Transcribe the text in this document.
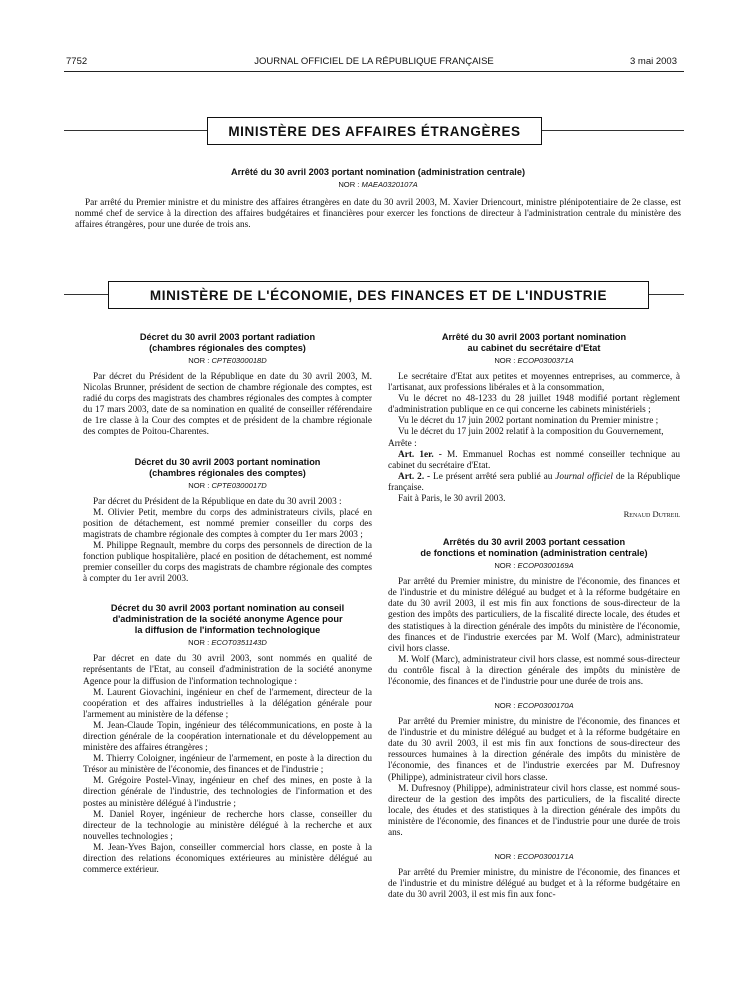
7752	JOURNAL OFFICIEL DE LA RÉPUBLIQUE FRANÇAISE	3 mai 2003
MINISTÈRE DES AFFAIRES ÉTRANGÈRES

Arrêté du 30 avril 2003 portant nomination (administration centrale)

NOR : MAEA0320107A

Par arrêté du Premier ministre et du ministre des affaires étrangères en date du 30 avril 2003, M. Xavier Driencourt, ministre plénipotentiaire de 2e classe, est nommé chef de service à la direction des affaires budgétaires et financières pour exercer les fonctions de directeur à l'administration centrale du ministère des affaires étrangères, pour une durée de trois ans.

MINISTÈRE DE L'ÉCONOMIE, DES FINANCES ET DE L'INDUSTRIE

Décret du 30 avril 2003 portant radiation

(chambres régionales des comptes)

NOR : CPTE0300018D

Par décret du Président de la République en date du 30 avril 2003, M. Nicolas Brunner, président de section de chambre régionale des comptes, est radié du corps des magistrats des chambres régionales des comptes à compter du 17 mars 2003, date de sa nomination en qualité de conseiller référendaire de 1re classe à la Cour des comptes et de président de la chambre régionale des comptes de Poitou-Charentes.

Décret du 30 avril 2003 portant nomination

(chambres régionales des comptes)

NOR : CPTE0300017D

Par décret du Président de la République en date du 30 avril 2003 :

M. Olivier Petit, membre du corps des administrateurs civils, placé en position de détachement, est nommé premier conseiller du corps des magistrats de chambre régionale des comptes à compter du 1er mars 2003 ;

M. Philippe Regnault, membre du corps des personnels de direction de la fonction publique hospitalière, placé en position de détachement, est nommé premier conseiller du corps des magistrats de chambre régionale des comptes à compter du 1er avril 2003.

Décret du 30 avril 2003 portant nomination au conseil

d'administration de la société anonyme Agence pour

la diffusion de l'information technologique

NOR : ECOT0351143D

Par décret en date du 30 avril 2003, sont nommés en qualité de représentants de l'Etat, au conseil d'administration de la société anonyme Agence pour la diffusion de l'information technologique :

M. Laurent Giovachini, ingénieur en chef de l'armement, directeur de la coopération et des affaires industrielles à la délégation générale pour l'armement au ministère de la défense ;

M. Jean-Claude Topin, ingénieur des télécommunications, en poste à la direction générale de la coopération internationale et du développement au ministère des affaires étrangères ;

M. Thierry Coloigner, ingénieur de l'armement, en poste à la direction du Trésor au ministère de l'économie, des finances et de l'industrie ;

M. Grégoire Postel-Vinay, ingénieur en chef des mines, en poste à la direction générale de l'industrie, des technologies de l'information et des postes au ministère délégué à l'industrie ;

M. Daniel Royer, ingénieur de recherche hors classe, conseiller du directeur de la technologie au ministère délégué à la recherche et aux nouvelles technologies ;

M. Jean-Yves Bajon, conseiller commercial hors classe, en poste à la direction des relations économiques extérieures au ministère délégué au commerce extérieur.

Arrêté du 30 avril 2003 portant nomination

au cabinet du secrétaire d'Etat

NOR : ECOP0300371A

Le secrétaire d'Etat aux petites et moyennes entreprises, au commerce, à l'artisanat, aux professions libérales et à la consommation,

Vu le décret no 48-1233 du 28 juillet 1948 modifié portant règlement d'administration publique en ce qui concerne les cabinets ministériels ;

Vu le décret du 17 juin 2002 portant nomination du Premier ministre ;

Vu le décret du 17 juin 2002 relatif à la composition du Gouvernement,

Arrête :

Art. 1er. - M. Emmanuel Rochas est nommé conseiller technique au cabinet du secrétaire d'Etat.

Art. 2. - Le présent arrêté sera publié au Journal officiel de la République française.

Fait à Paris, le 30 avril 2003.

Renaud Dutreil

Arrêtés du 30 avril 2003 portant cessation

de fonctions et nomination (administration centrale)

NOR : ECOP0300169A

Par arrêté du Premier ministre, du ministre de l'économie, des finances et de l'industrie et du ministre délégué au budget et à la réforme budgétaire en date du 30 avril 2003, il est mis fin aux fonctions de sous-directeur de la gestion des impôts des particuliers, de la fiscalité directe locale, des études et des statistiques à la direction générale des impôts du ministère de l'économie, des finances et de l'industrie exercées par M. Wolf (Marc), administrateur civil hors classe.

M. Wolf (Marc), administrateur civil hors classe, est nommé sous-directeur du contrôle fiscal à la direction générale des impôts du ministère de l'économie, des finances et de l'industrie pour une durée de trois ans.

NOR : ECOP0300170A

Par arrêté du Premier ministre, du ministre de l'économie, des finances et de l'industrie et du ministre délégué au budget et à la réforme budgétaire en date du 30 avril 2003, il est mis fin aux fonctions de sous-directeur des ressources humaines à la direction générale des impôts du ministère de l'économie, des finances et de l'industrie exercées par M. Dufresnoy (Philippe), administrateur civil hors classe.

M. Dufresnoy (Philippe), administrateur civil hors classe, est nommé sous-directeur de la gestion des impôts des particuliers, de la fiscalité directe locale, des études et des statistiques à la direction générale des impôts du ministère de l'économie, des finances et de l'industrie pour une durée de trois ans.

NOR : ECOP0300171A

Par arrêté du Premier ministre, du ministre de l'économie, des finances et de l'industrie et du ministre délégué au budget et à la réforme budgétaire en date du 30 avril 2003, il est mis fin aux fonc-
